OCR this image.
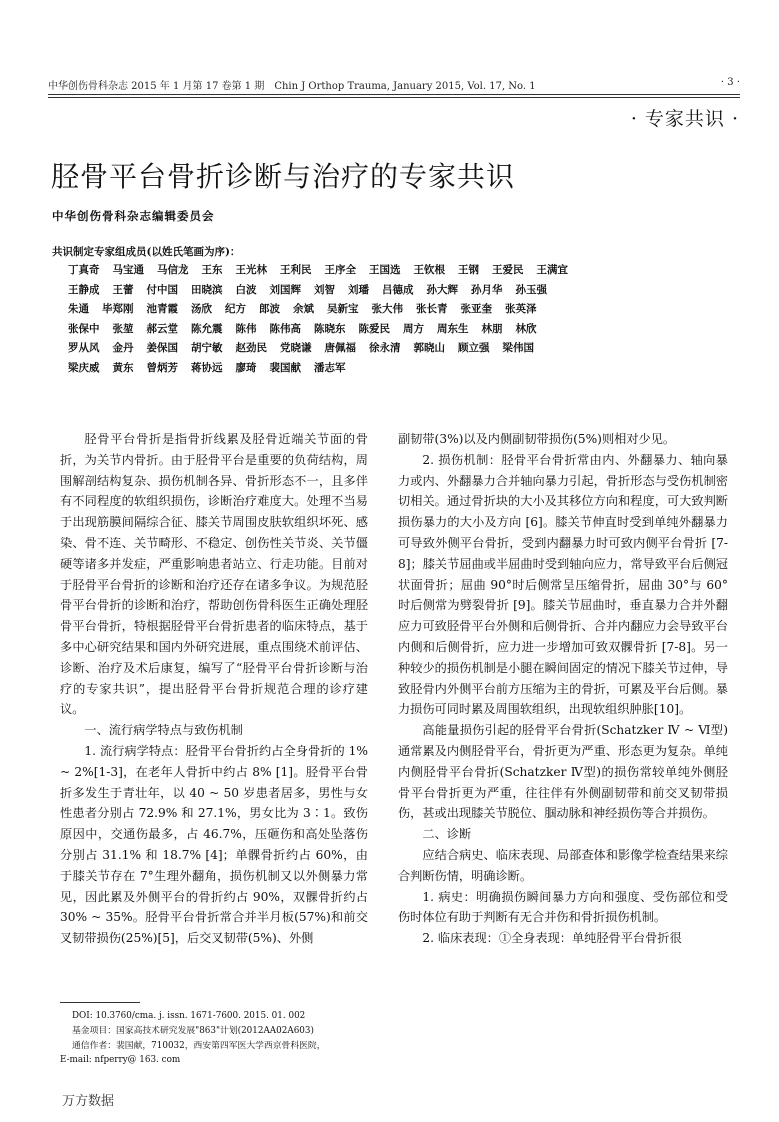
中华创伤骨科杂志 2015 年 1 月第 17 卷第 1 期　Chin J Orthop Trauma, January 2015, Vol. 17, No. 1	· 3 ·
· 专家共识 ·
胫骨平台骨折诊断与治疗的专家共识
中华创伤骨科杂志编辑委员会
共识制定专家组成员(以姓氏笔画为序)：
丁真奇 马宝通 马信龙 王东 王光林 王利民 王序全 王国选 王钦根 王钢 王爱民 王满宜
王静成 王蕾 付中国 田晓滨 白波 刘国辉 刘智 刘璠 吕德成 孙大辉 孙月华 孙玉强
朱通 毕郑刚 池青霞 汤欣 纪方 郎波 余斌 吴新宝 张大伟 张长青 张亚奎 张英泽
张保中 张堃 郝云堂 陈允震 陈伟 陈伟高 陈晓东 陈爱民 周方 周东生 林朋 林欣
罗从风 金丹 姜保国 胡宁敏 赵劲民 党晓谦 唐佩福 徐永清 郭晓山 顾立强 梁伟国
梁庆威 黄东 曾炳芳 蒋协远 廖琦 裴国献 潘志军

胫骨平台骨折是指骨折线累及胫骨近端关节面的骨折，为关节内骨折。由于胫骨平台是重要的负荷结构，周围解剖结构复杂、损伤机制各异、骨折形态不一，且多伴有不同程度的软组织损伤，诊断治疗难度大。处理不当易于出现筋膜间隔综合征、膝关节周围皮肤软组织坏死、感染、骨不连、关节畸形、不稳定、创伤性关节炎、关节僵硬等诸多并发症，严重影响患者站立、行走功能。目前对于胫骨平台骨折的诊断和治疗还存在诸多争议。为规范胫骨平台骨折的诊断和治疗，帮助创伤骨科医生正确处理胫骨平台骨折，特根据胫骨平台骨折患者的临床特点，基于多中心研究结果和国内外研究进展，重点围绕术前评估、诊断、治疗及术后康复，编写了“胫骨平台骨折诊断与治疗的专家共识”，提出胫骨平台骨折规范合理的诊疗建议。

一、流行病学特点与致伤机制

1. 流行病学特点：胫骨平台骨折约占全身骨折的 1% ~ 2%[1-3]，在老年人骨折中约占 8% [1]。胫骨平台骨折多发生于青壮年，以 40 ~ 50 岁患者居多，男性与女性患者分别占 72.9% 和 27.1%，男女比为 3∶1。致伤原因中，交通伤最多，占 46.7%，压砸伤和高处坠落伤分别占 31.1% 和 18.7% [4]；单髁骨折约占 60%，由于膝关节存在 7°生理外翻角，损伤机制又以外侧暴力常见，因此累及外侧平台的骨折约占 90%，双髁骨折约占 30% ~ 35%。胫骨平台骨折常合并半月板(57%)和前交叉韧带损伤(25%)[5]，后交叉韧带(5%)、外侧

副韧带(3%)以及内侧副韧带损伤(5%)则相对少见。

2. 损伤机制：胫骨平台骨折常由内、外翻暴力、轴向暴力或内、外翻暴力合并轴向暴力引起，骨折形态与受伤机制密切相关。通过骨折块的大小及其移位方向和程度，可大致判断损伤暴力的大小及方向 [6]。膝关节伸直时受到单纯外翻暴力可导致外侧平台骨折，受到内翻暴力时可致内侧平台骨折 [7-8]；膝关节屈曲或半屈曲时受到轴向应力，常导致平台后侧冠状面骨折；屈曲 90°时后侧常呈压缩骨折，屈曲 30°与 60°时后侧常为劈裂骨折 [9]。膝关节屈曲时，垂直暴力合并外翻应力可致胫骨平台外侧和后侧骨折、合并内翻应力会导致平台内侧和后侧骨折，应力进一步增加可致双髁骨折 [7-8]。另一种较少的损伤机制是小腿在瞬间固定的情况下膝关节过伸，导致胫骨内外侧平台前方压缩为主的骨折，可累及平台后侧。暴力损伤可同时累及周围软组织，出现软组织肿胀[10]。

高能量损伤引起的胫骨平台骨折(Schatzker Ⅳ ~ Ⅵ型)通常累及内侧胫骨平台，骨折更为严重、形态更为复杂。单纯内侧胫骨平台骨折(Schatzker Ⅳ型)的损伤常较单纯外侧胫骨平台骨折更为严重，往往伴有外侧副韧带和前交叉韧带损伤，甚或出现膝关节脱位、腘动脉和神经损伤等合并损伤。

二、诊断

应结合病史、临床表现、局部查体和影像学检查结果来综合判断伤情，明确诊断。

1. 病史：明确损伤瞬间暴力方向和强度、受伤部位和受伤时体位有助于判断有无合并伤和骨折损伤机制。

2. 临床表现：①全身表现：单纯胫骨平台骨折很

DOI: 10.3760/cma. j. issn. 1671-7600. 2015. 01. 002

基金项目：国家高技术研究发展"863"计划(2012AA02A603)

通信作者：裴国献，710032，西安第四军医大学西京骨科医院，

E-mail: nfperry@ 163. com

万方数据
